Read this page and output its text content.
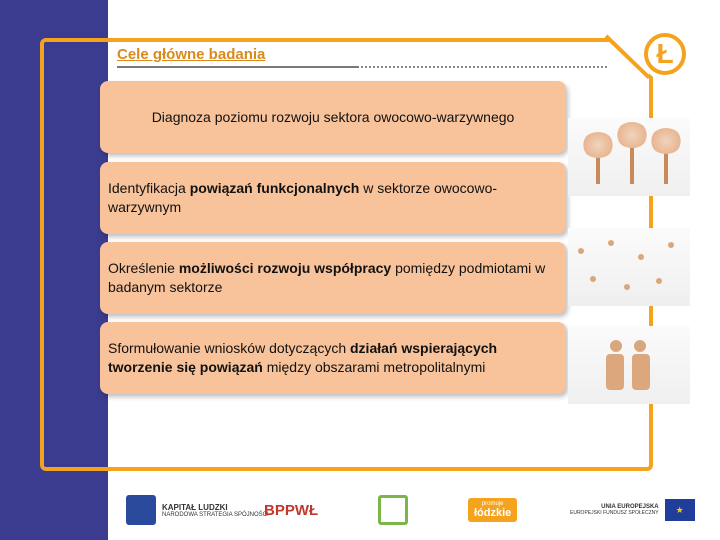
Ł
Cele główne badania
Diagnoza poziomu rozwoju sektora owocowo-warzywnego
Identyfikacja powiązań funkcjonalnych w sektorze owocowo-warzywnym
Określenie możliwości rozwoju współpracy pomiędzy podmiotami w badanym sektorze
Sformułowanie wniosków dotyczących działań wspierających tworzenie się powiązań między obszarami metropolitalnymi
KAPITAŁ LUDZKI
NARODOWA STRATEGIA SPÓJNOŚCI
BPPWŁ	promuje
łódzkie	UNIA EUROPEJSKA
EUROPEJSKI FUNDUSZ SPOŁECZNY	★
